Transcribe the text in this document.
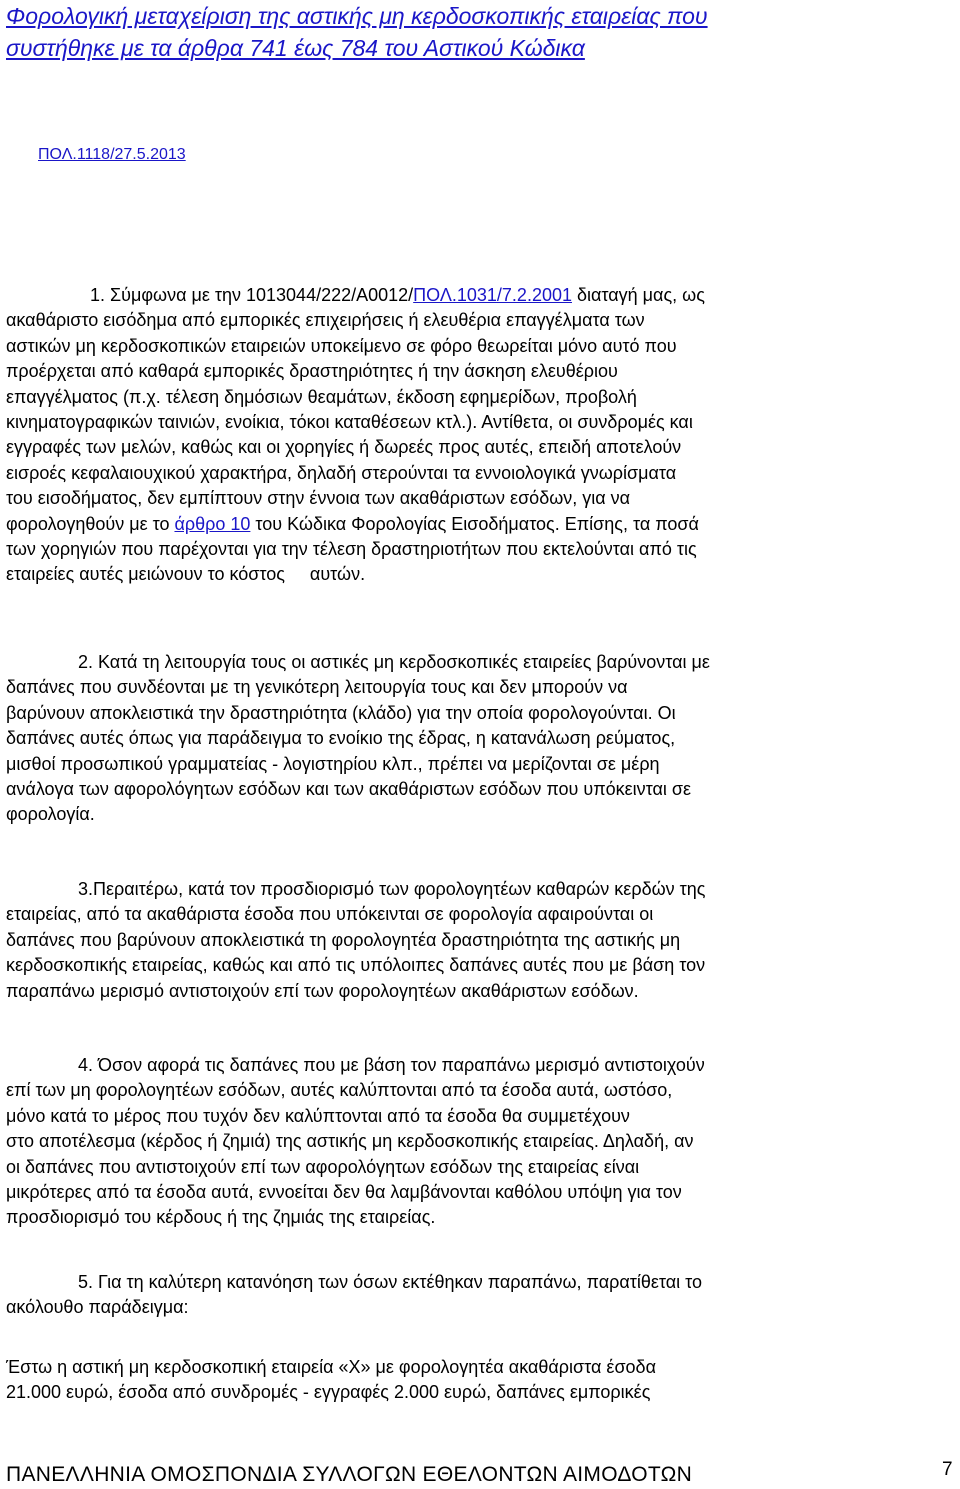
Φορολογική μεταχείριση της αστικής μη κερδοσκοπικής εταιρείας που
συστήθηκε με τα άρθρα 741 έως 784 του Αστικού Κώδικα
ΠΟΛ.1118/27.5.2013
1. Σύμφωνα με την 1013044/222/Α0012/ΠΟΛ.1031/7.2.2001 διαταγή μας, ως
ακαθάριστο εισόδημα από εμπορικές επιχειρήσεις ή ελευθέρια επαγγέλματα των
αστικών μη κερδοσκοπικών εταιρειών υποκείμενο σε φόρο θεωρείται μόνο αυτό που
προέρχεται από καθαρά εμπορικές δραστηριότητες ή την άσκηση ελευθέριου
επαγγέλματος (π.χ. τέλεση δημόσιων θεαμάτων, έκδοση εφημερίδων, προβολή
κινηματογραφικών ταινιών, ενοίκια, τόκοι καταθέσεων κτλ.). Αντίθετα, οι συνδρομές και
εγγραφές των μελών, καθώς και οι χορηγίες ή δωρεές προς αυτές, επειδή αποτελούν
εισροές κεφαλαιουχικού χαρακτήρα, δηλαδή στερούνται τα εννοιολογικά γνωρίσματα
του εισοδήματος, δεν εμπίπτουν στην έννοια των ακαθάριστων εσόδων, για να
φορολογηθούν με το άρθρο 10 του Κώδικα Φορολογίας Εισοδήματος. Επίσης, τα ποσά
των χορηγιών που παρέχονται για την τέλεση δραστηριοτήτων που εκτελούνται από τις
εταιρείες αυτές μειώνουν το κόστος     αυτών.
2. Κατά τη λειτουργία τους οι αστικές μη κερδοσκοπικές εταιρείες βαρύνονται με
δαπάνες που συνδέονται με τη γενικότερη λειτουργία τους και δεν μπορούν να
βαρύνουν αποκλειστικά την δραστηριότητα (κλάδο) για την οποία φορολογούνται. Οι
δαπάνες αυτές όπως για παράδειγμα το ενοίκιο της έδρας, η κατανάλωση ρεύματος,
μισθοί προσωπικού γραμματείας - λογιστηρίου κλπ., πρέπει να μερίζονται σε μέρη
ανάλογα των αφορολόγητων εσόδων και των ακαθάριστων εσόδων που υπόκεινται σε
φορολογία.
3.Περαιτέρω, κατά τον προσδιορισμό των φορολογητέων καθαρών κερδών της
εταιρείας, από τα ακαθάριστα έσοδα που υπόκεινται σε φορολογία αφαιρούνται οι
δαπάνες που βαρύνουν αποκλειστικά τη φορολογητέα δραστηριότητα της αστικής μη
κερδοσκοπικής εταιρείας, καθώς και από τις υπόλοιπες δαπάνες αυτές που με βάση τον
παραπάνω μερισμό αντιστοιχούν επί των φορολογητέων ακαθάριστων εσόδων.
4. Όσον αφορά τις δαπάνες που με βάση τον παραπάνω μερισμό αντιστοιχούν
επί των μη φορολογητέων εσόδων, αυτές καλύπτονται από τα έσοδα αυτά, ωστόσο,
μόνο κατά το μέρος που τυχόν δεν καλύπτονται από τα έσοδα θα συμμετέχουν
στο αποτέλεσμα (κέρδος ή ζημιά) της αστικής μη κερδοσκοπικής εταιρείας. Δηλαδή, αν
οι δαπάνες που αντιστοιχούν επί των αφορολόγητων εσόδων της εταιρείας είναι
μικρότερες από τα έσοδα αυτά, εννοείται δεν θα λαμβάνονται καθόλου υπόψη για τον
προσδιορισμό του κέρδους ή της ζημιάς της εταιρείας.
5. Για τη καλύτερη κατανόηση των όσων εκτέθηκαν παραπάνω, παρατίθεται το
ακόλουθο παράδειγμα:
Έστω η αστική μη κερδοσκοπική εταιρεία «Χ» με φορολογητέα ακαθάριστα έσοδα
21.000 ευρώ, έσοδα από συνδρομές - εγγραφές 2.000 ευρώ, δαπάνες εμπορικές
ΠΑΝΕΛΛΗΝΙΑ ΟΜΟΣΠΟΝΔΙΑ ΣΥΛΛΟΓΩΝ ΕΘΕΛΟΝΤΩΝ ΑΙΜΟΔΟΤΩΝ	7
